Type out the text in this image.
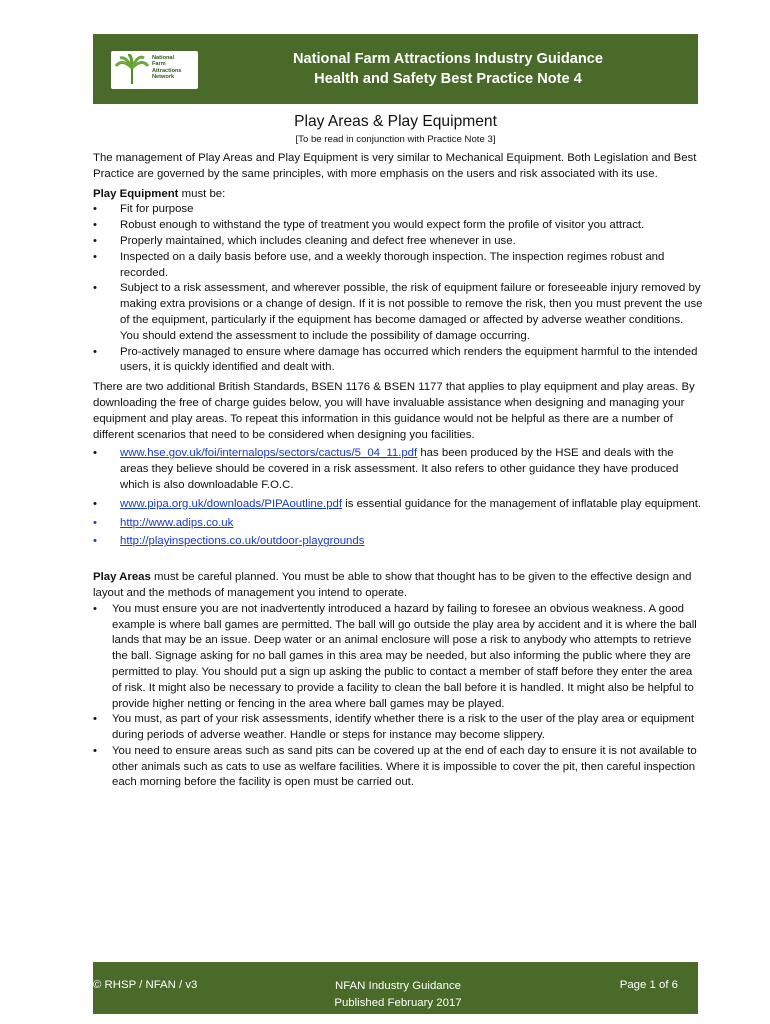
National
Farm
Attractions
Network
National Farm Attractions Industry Guidance
Health and Safety Best Practice Note 4
Play Areas & Play Equipment
[To be read in conjunction with Practice Note 3]

The management of Play Areas and Play Equipment is very similar to Mechanical Equipment. Both Legislation and Best Practice are governed by the same principles, with more emphasis on the users and risk associated with its use.

Play Equipment must be:

• Fit for purpose
• Robust enough to withstand the type of treatment you would expect form the profile of visitor you attract.
• Properly maintained, which includes cleaning and defect free whenever in use.
• Inspected on a daily basis before use, and a weekly thorough inspection. The inspection regimes robust and recorded.
• Subject to a risk assessment, and wherever possible, the risk of equipment failure or foreseeable injury removed by making extra provisions or a change of design. If it is not possible to remove the risk, then you must prevent the use of the equipment, particularly if the equipment has become damaged or affected by adverse weather conditions. You should extend the assessment to include the possibility of damage occurring.
• Pro-actively managed to ensure where damage has occurred which renders the equipment harmful to the intended users, it is quickly identified and dealt with.

There are two additional British Standards, BSEN 1176 & BSEN 1177 that applies to play equipment and play areas. By downloading the free of charge guides below, you will have invaluable assistance when designing and managing your equipment and play areas. To repeat this information in this guidance would not be helpful as there are a number of different scenarios that need to be considered when designing you facilities.

• www.hse.gov.uk/foi/internalops/sectors/cactus/5_04_11.pdf has been produced by the HSE and deals with the areas they believe should be covered in a risk assessment. It also refers to other guidance they have produced which is also downloadable F.O.C.
• www.pipa.org.uk/downloads/PIPAoutline.pdf is essential guidance for the management of inflatable play equipment.
• http://www.adips.co.uk
• http://playinspections.co.uk/outdoor-playgrounds

Play Areas must be careful planned. You must be able to show that thought has to be given to the effective design and layout and the methods of management you intend to operate.

• You must ensure you are not inadvertently introduced a hazard by failing to foresee an obvious weakness. A good example is where ball games are permitted. The ball will go outside the play area by accident and it is where the ball lands that may be an issue. Deep water or an animal enclosure will pose a risk to anybody who attempts to retrieve the ball. Signage asking for no ball games in this area may be needed, but also informing the public where they are permitted to play. You should put a sign up asking the public to contact a member of staff before they enter the area of risk. It might also be necessary to provide a facility to clean the ball before it is handled. It might also be helpful to provide higher netting or fencing in the area where ball games may be played.
• You must, as part of your risk assessments, identify whether there is a risk to the user of the play area or equipment during periods of adverse weather. Handle or steps for instance may become slippery.
• You need to ensure areas such as sand pits can be covered up at the end of each day to ensure it is not available to other animals such as cats to use as welfare facilities. Where it is impossible to cover the pit, then careful inspection each morning before the facility is open must be carried out.
© RHSP / NFAN / v3	NFAN Industry Guidance
Published February 2017
Page 1 of 6
